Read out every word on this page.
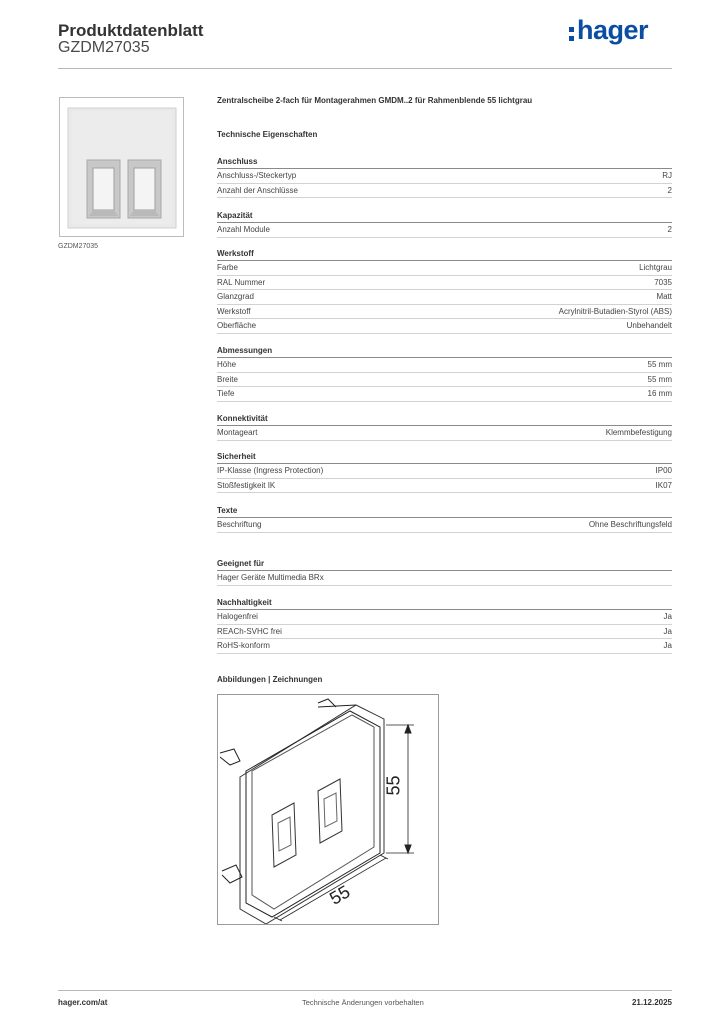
Produktdatenblatt
GZDM27035
hager
GZDM27035
Zentralscheibe 2-fach für Montagerahmen GMDM..2 für Rahmenblende 55 lichtgrau
Technische Eigenschaften
Anschluss
Anschluss-/Steckertyp	RJ
Anzahl der Anschlüsse	2
Kapazität
Anzahl Module	2
Werkstoff
Farbe	Lichtgrau
RAL Nummer	7035
Glanzgrad	Matt
Werkstoff	Acrylnitril-Butadien-Styrol (ABS)
Oberfläche	Unbehandelt
Abmessungen
Höhe	55 mm
Breite	55 mm
Tiefe	16 mm
Konnektivität
Montageart	Klemmbefestigung
Sicherheit
IP-Klasse (Ingress Protection)	IP00
Stoßfestigkeit IK	IK07
Texte
Beschriftung	Ohne Beschriftungsfeld
Geeignet für
Hager Geräte Multimedia BRx
Nachhaltigkeit
Halogenfrei	Ja
REACh-SVHC frei	Ja
RoHS-konform	Ja
Abbildungen | Zeichnungen
55
55
hager.com/at	Technische Änderungen vorbehalten	21.12.2025
